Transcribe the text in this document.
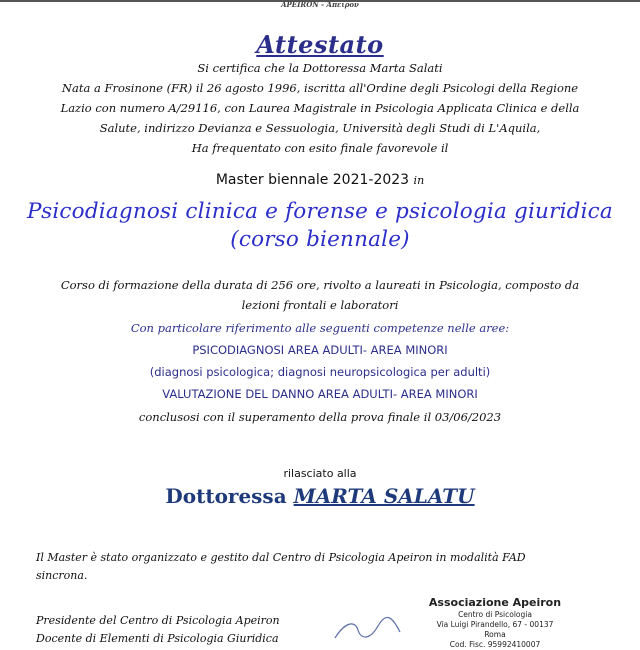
APEIRON - Άπειρον
Attestato
Si certifica che la Dottoressa Marta Salati
Nata a Frosinone (FR) il 26 agosto 1996, iscritta all'Ordine degli Psicologi della Regione
Lazio con numero A/29116, con Laurea Magistrale in Psicologia Applicata Clinica e della
Salute, indirizzo Devianza e Sessuologia, Università degli Studi di L'Aquila,
Ha frequentato con esito finale favorevole il
Master biennale 2021-2023 in
Psicodiagnosi clinica e forense e psicologia giuridica
(corso biennale)
Corso di formazione della durata di 256 ore, rivolto a laureati in Psicologia, composto da
lezioni frontali e laboratori
Con particolare riferimento alle seguenti competenze nelle aree:
PSICODIAGNOSI AREA ADULTI- AREA MINORI
(diagnosi psicologica; diagnosi neuropsicologica per adulti)
VALUTAZIONE DEL DANNO AREA ADULTI- AREA MINORI
conclusosi con il superamento della prova finale il 03/06/2023
rilasciato alla
Dottoressa MARTA SALATU
Il Master è stato organizzato e gestito dal Centro di Psicologia Apeiron in modalità FAD
sincrona.
Presidente del Centro di Psicologia Apeiron
Docente di Elementi di Psicologia Giuridica
Associazione Apeiron
Centro di Psicologia
Via Luigi Pirandello, 67 - 00137 Roma
Cod. Fisc. 95992410007
